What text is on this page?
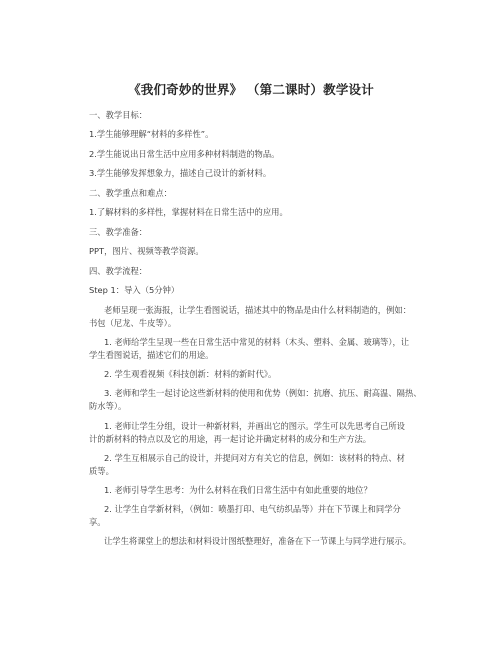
《我们奇妙的世界》 （第二课时）教学设计
一、教学目标：
1.学生能够理解“材料的多样性”。
2.学生能说出日常生活中应用多种材料制造的物品。
3.学生能够发挥想象力，描述自己设计的新材料。
二、教学重点和难点：
1.了解材料的多样性，掌握材料在日常生活中的应用。
三、教学准备：
PPT，图片、视频等教学资源。
四、教学流程：
Step 1：导入（5分钟）
老师呈现一张海报，让学生看图说话，描述其中的物品是由什么材料制造的，例如：
书包（尼龙、牛皮等）。
1. 老师给学生呈现一些在日常生活中常见的材料（木头、塑料、金属、玻璃等），让
学生看图说话，描述它们的用途。
2. 学生观看视频《科技创新：材料的新时代》。
3. 老师和学生一起讨论这些新材料的使用和优势（例如：抗磨、抗压、耐高温、隔热、
防水等）。
1. 老师让学生分组，设计一种新材料，并画出它的图示。学生可以先思考自己所设
计的新材料的特点以及它的用途，再一起讨论并确定材料的成分和生产方法。
2. 学生互相展示自己的设计，并提问对方有关它的信息，例如：该材料的特点、材
质等。
1. 老师引导学生思考：为什么材料在我们日常生活中有如此重要的地位？
2. 让学生自学新材料，（例如：喷墨打印、电气纺织品等）并在下节课上和同学分
享。
让学生将课堂上的想法和材料设计图纸整理好，准备在下一节课上与同学进行展示。
